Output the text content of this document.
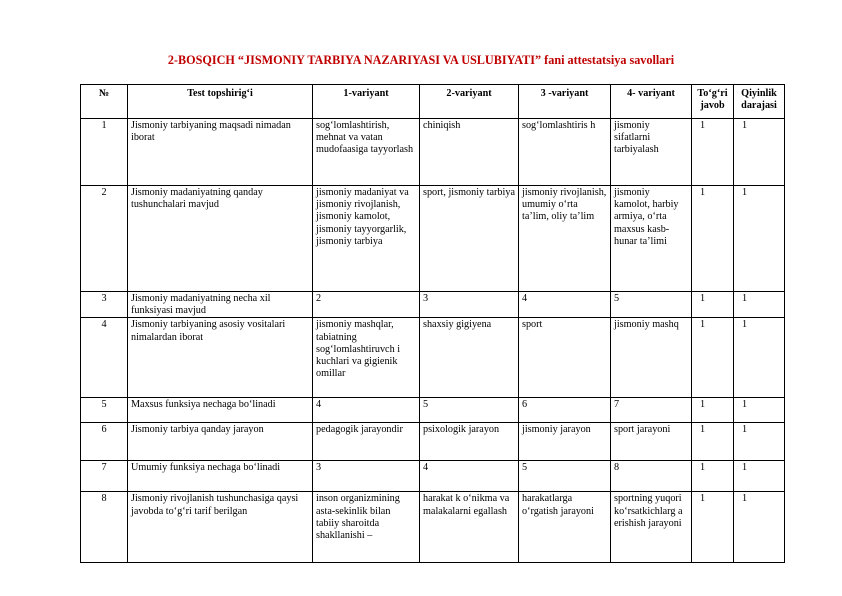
2-BOSQICH “JISMONIY TARBIYA NAZARIYASI VA USLUBIYATI” fani attestatsiya savollari
№	Test topshirig‘i	1-variyant	2-variyant	3 -variyant	4- variyant	To‘g‘ri javob	Qiyinlik darajasi
1	Jismoniy tarbiyaning maqsadi nimadan iborat	sog‘lomlashtirish, mehnat va vatan mudofaasiga tayyorlash	chiniqish	sog‘lomlashtiris h	jismoniy sifatlarni tarbiyalash	1	1
2	Jismoniy madaniyatning qanday tushunchalari mavjud	jismoniy madaniyat va jismoniy rivojlanish, jismoniy kamolot, jismoniy tayyorgarlik, jismoniy tarbiya	sport, jismoniy tarbiya	jismoniy rivojlanish, umumiy o‘rta ta’lim, oliy ta’lim	jismoniy kamolot, harbiy armiya, o‘rta maxsus kasb-hunar ta’limi	1	1
3	Jismoniy madaniyatning necha xil funksiyasi mavjud	2	3	4	5	1	1
4	Jismoniy tarbiyaning asosiy vositalari nimalardan iborat	jismoniy mashqlar, tabiatning sog‘lomlashtiruvch i kuchlari va gigienik omillar	shaxsiy gigiyena	sport	jismoniy mashq	1	1
5	Maxsus funksiya nechaga bo‘linadi	4	5	6	7	1	1
6	Jismoniy tarbiya qanday jarayon	pedagogik jarayondir	psixologik jarayon	jismoniy jarayon	sport jarayoni	1	1
7	Umumiy funksiya nechaga bo‘linadi	3	4	5	8	1	1
8	Jismoniy rivojlanish tushunchasiga qaysi javobda to‘g‘ri tarif berilgan	inson organizmining asta-sekinlik bilan tabiiy sharoitda shakllanishi –	harakat k o‘nikma va malakalarni egallash	harakatlarga o‘rgatish jarayoni	sportning yuqori ko‘rsatkichlarg a erishish jarayoni	1	1
